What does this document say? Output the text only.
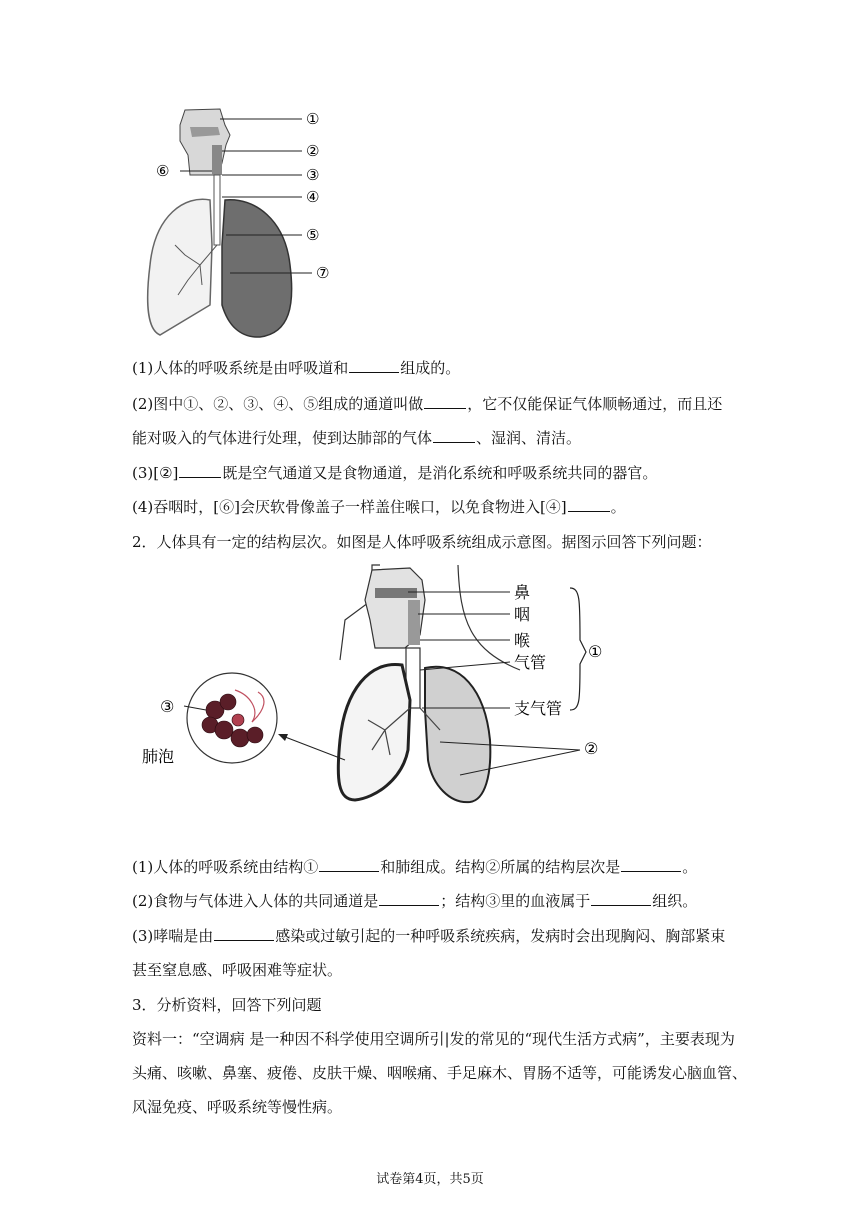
①
②
③
④
⑤
⑥
⑦
(1)人体的呼吸系统是由呼吸道和	组成的。
(2)图中①、②、③、④、⑤组成的通道叫做	，它不仅能保证气体顺畅通过，而且还
能对吸入的气体进行处理，使到达肺部的气体	、湿润、清洁。
(3)[②]	既是空气通道又是食物通道，是消化系统和呼吸系统共同的器官。
(4)吞咽时，[⑥]会厌软骨像盖子一样盖住喉口，以免食物进入[④]	。
2．人体具有一定的结构层次。如图是人体呼吸系统组成示意图。据图示回答下列问题：
鼻
咽
喉
气管
支气管
①
②
③
肺泡
(1)人体的呼吸系统由结构①	和肺组成。结构②所属的结构层次是	。
(2)食物与气体进入人体的共同通道是	；结构③里的血液属于	组织。
(3)哮喘是由	感染或过敏引起的一种呼吸系统疾病，发病时会出现胸闷、胸部紧束
甚至窒息感、呼吸困难等症状。
3．分析资料，回答下列问题
资料一：“空调病 是一种因不科学使用空调所引|发的常见的“现代生活方式病”，主要表现为
头痛、咳嗽、鼻塞、疲倦、皮肤干燥、咽喉痛、手足麻木、胃肠不适等，可能诱发心脑血管、
风湿免疫、呼吸系统等慢性病。
试卷第4页，共5页
